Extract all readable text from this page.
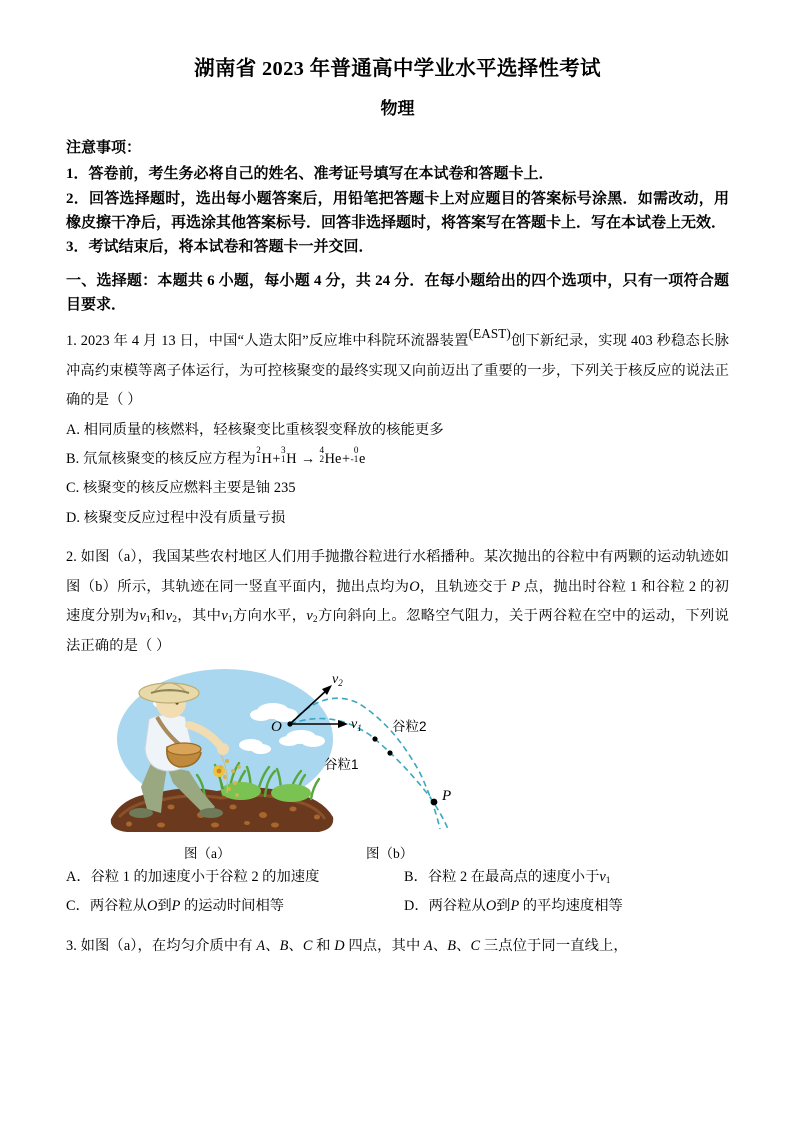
湖南省 2023 年普通高中学业水平选择性考试
物理
注意事项：

1．答卷前，考生务必将自己的姓名、准考证号填写在本试卷和答题卡上．

2．回答选择题时，选出每小题答案后，用铅笔把答题卡上对应题目的答案标号涂黑．如需改动，用橡皮擦干净后，再选涂其他答案标号．回答非选择题时，将答案写在答题卡上．写在本试卷上无效．

3．考试结束后，将本试卷和答题卡一并交回．

一、选择题：本题共 6 小题，每小题 4 分，共 24 分．在每小题给出的四个选项中，只有一项符合题目要求．

1. 2023 年 4 月 13 日，中国“人造太阳”反应堆中科院环流器装置(EAST)创下新纪录，实现 403 秒稳态长脉冲高约束模等离子体运行，为可控核聚变的最终实现又向前迈出了重要的一步，下列关于核反应的说法正确的是（ ）

A. 相同质量的核燃料，轻核聚变比重核裂变释放的核能更多

B. 氘氚核聚变的核反应方程为
2
1 H+
3
1 H →
4
2 He+
0
-1 e

C. 核聚变的核反应燃料主要是铀 235

D. 核聚变反应过程中没有质量亏损

2. 如图（a），我国某些农村地区人们用手抛撒谷粒进行水稻播种。某次抛出的谷粒中有两颗的运动轨迹如图（b）所示，其轨迹在同一竖直平面内，抛出点均为O，且轨迹交于 P 点，抛出时谷粒 1 和谷粒 2 的初速度分别为$v_1$和$v_2$，其中$v_1$方向水平，$v_2$方向斜向上。忽略空气阻力，关于两谷粒在空中的运动，下列说法正确的是（ ）

O
$v_2$
$v_1$ 谷粒2
谷粒1
P
图（a）	图（b）
A．谷粒 1 的加速度小于谷粒 2 的加速度	B．谷粒 2 在最高点的速度小于$v_1$
C．两谷粒从O到P 的运动时间相等	D．两谷粒从O到P 的平均速度相等

3. 如图（a），在均匀介质中有 A、B、C 和 D 四点，其中 A、B、C 三点位于同一直线上，
